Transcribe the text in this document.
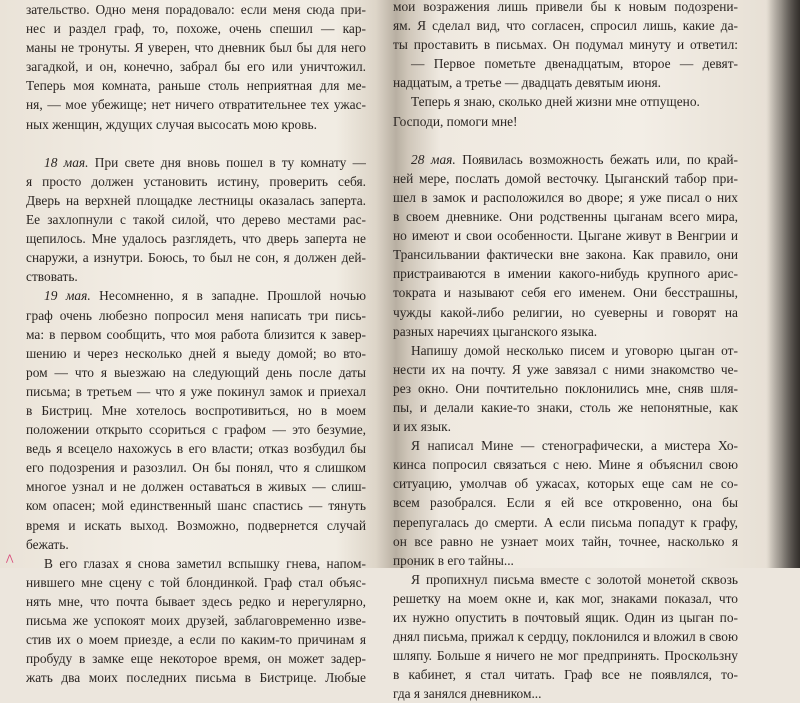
зательство. Одно меня порадовало: если меня сюда при-
нес и раздел граф, то, похоже, очень спешил — кар-
маны не тронуты. Я уверен, что дневник был бы для него
загадкой, и он, конечно, забрал бы его или уничтожил.
Теперь моя комната, раньше столь неприятная для ме-
ня, — мое убежище; нет ничего отвратительнее тех ужас-
ных женщин, ждущих случая высосать мою кровь.
18 мая. При свете дня вновь пошел в ту комнату —
я просто должен установить истину, проверить себя.
Дверь на верхней площадке лестницы оказалась заперта.
Ее захлопнули с такой силой, что дерево местами рас-
щепилось. Мне удалось разглядеть, что дверь заперта не
снаружи, а изнутри. Боюсь, то был не сон, я должен дей-
ствовать.
19 мая. Несомненно, я в западне. Прошлой ночью
граф очень любезно попросил меня написать три пись-
ма: в первом сообщить, что моя работа близится к завер-
шению и через несколько дней я выеду домой; во вто-
ром — что я выезжаю на следующий день после даты
письма; в третьем — что я уже покинул замок и приехал
в Бистриц. Мне хотелось воспротивиться, но в моем
положении открыто ссориться с графом — это безумие,
ведь я всецело нахожусь в его власти; отказ возбудил бы
его подозрения и разозлил. Он бы понял, что я слишком
многое узнал и не должен оставаться в живых — слиш-
ком опасен; мой единственный шанс спастись — тянуть
время и искать выход. Возможно, подвернется случай
бежать.
В его глазах я снова заметил вспышку гнева, напом-
нившего мне сцену с той блондинкой. Граф стал объяс-
нять мне, что почта бывает здесь редко и нерегулярно,
письма же успокоят моих друзей, заблаговременно изве-
стив их о моем приезде, а если по каким-то причинам я
пробуду в замке еще некоторое время, он может задер-
жать два моих последних письма в Бистрице. Любые
мои возражения лишь привели бы к новым подозрени-
ям. Я сделал вид, что согласен, спросил лишь, какие да-
ты проставить в письмах. Он подумал минуту и ответил:
— Первое пометьте двенадцатым, второе — девят-
надцатым, а третье — двадцать девятым июня.
Теперь я знаю, сколько дней жизни мне отпущено.
Господи, помоги мне!
28 мая. Появилась возможность бежать или, по край-
ней мере, послать домой весточку. Цыганский табор при-
шел в замок и расположился во дворе; я уже писал о них
в своем дневнике. Они родственны цыганам всего мира,
но имеют и свои особенности. Цыгане живут в Венгрии и
Трансильвании фактически вне закона. Как правило, они
пристраиваются в имении какого-нибудь крупного арис-
тократа и называют себя его именем. Они бесстрашны,
чужды какой-либо религии, но суеверны и говорят на
разных наречиях цыганского языка.
Напишу домой несколько писем и уговорю цыган от-
нести их на почту. Я уже завязал с ними знакомство че-
рез окно. Они почтительно поклонились мне, сняв шля-
пы, и делали какие-то знаки, столь же непонятные, как
и их язык.
Я написал Мине — стенографически, а мистера Хо-
кинса попросил связаться с нею. Мине я объяснил свою
ситуацию, умолчав об ужасах, которых еще сам не со-
всем разобрался. Если я ей все откровенно, она бы
перепугалась до смерти. А если письма попадут к графу,
он все равно не узнает моих тайн, точнее, насколько я
проник в его тайны...
Я пропихнул письма вместе с золотой монетой сквозь
решетку на моем окне и, как мог, знаками показал, что
их нужно опустить в почтовый ящик. Один из цыган по-
днял письма, прижал к сердцу, поклонился и вложил в свою
шляпу. Больше я ничего не мог предпринять. Проскользну
в кабинет, я стал читать. Граф все не появлялся, то-
гда я занялся дневником...
⋀
